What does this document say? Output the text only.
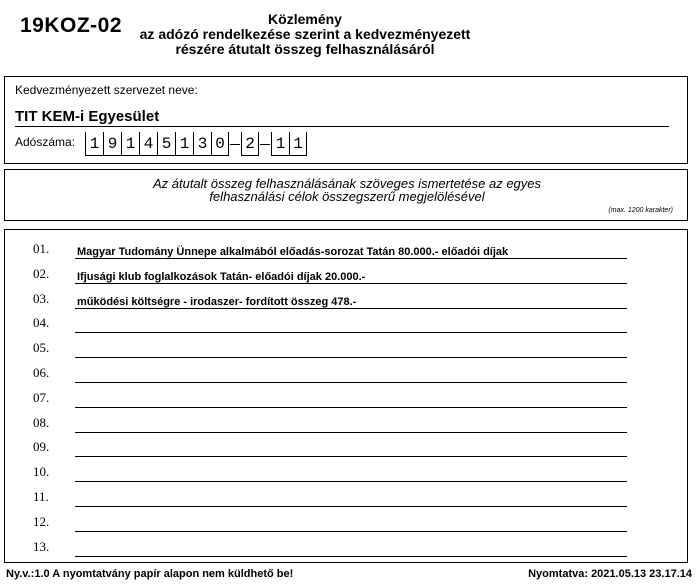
19KOZ-02	Közlemény
az adózó rendelkezése szerint a kedvezményezett
részére átutalt összeg felhasználásáról
Kedvezményezett szervezet neve:
TIT KEM-i Egyesület
Adószáma: 1 9 1 4 5 1 3 0 2 1 1
Az átutalt összeg felhasználásának szöveges ismertetése az egyes
felhasználási célok összegszerű megjelölésével
(max. 1200 karakter)
01.	Magyar Tudomány Ünnepe alkalmából előadás-sorozat Tatán 80.000.- előadói díjak
02.	Ifjusági klub foglalkozások Tatán- előadói díjak 20.000.-
03.	működési költségre - irodaszer- fordított összeg 478.-
04.
05.
06.
07.
08.
09.
10.
11.
12.
13.
Ny.v.:1.0 A nyomtatvány papír alapon nem küldhető be!	Nyomtatva: 2021.05.13 23.17.14
